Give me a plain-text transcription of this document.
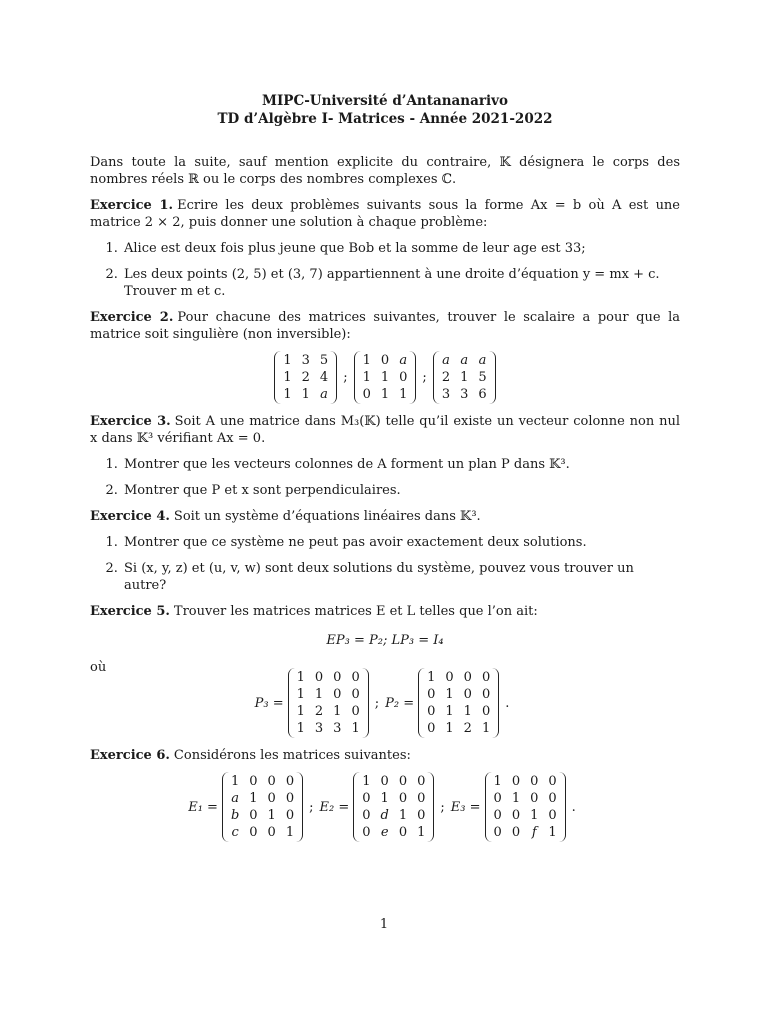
MIPC-Université d’Antananarivo
TD d’Algèbre I- Matrices - Année 2021-2022

Dans toute la suite, sauf mention explicite du contraire, 𝕂 désignera le corps des nombres réels ℝ ou le corps des nombres complexes ℂ.

Exercice 1. Ecrire les deux problèmes suivants sous la forme Ax = b où A est une matrice 2 × 2, puis donner une solution à chaque problème:

1. Alice est deux fois plus jeune que Bob et la somme de leur age est 33;
2. Les deux points (2, 5) et (3, 7) appartiennent à une droite d’équation y = mx + c. Trouver m et c.

Exercice 2. Pour chacune des matrices suivantes, trouver le scalaire a pour que la matrice soit singulière (non inversible):

1 3 5
1 2 4
1 1 a
;
1 0 a
1 1 0
0 1 1
;
a a a
2 1 5
3 3 6

Exercice 3. Soit A une matrice dans M₃(𝕂) telle qu’il existe un vecteur colonne non nul x dans 𝕂³ vérifiant Ax = 0.

1. Montrer que les vecteurs colonnes de A forment un plan P dans 𝕂³.
2. Montrer que P et x sont perpendiculaires.

Exercice 4. Soit un système d’équations linéaires dans 𝕂³.

1. Montrer que ce système ne peut pas avoir exactement deux solutions.
2. Si (x, y, z) et (u, v, w) sont deux solutions du système, pouvez vous trouver un autre?

Exercice 5. Trouver les matrices matrices E et L telles que l’on ait:

EP₃ = P₂; LP₃ = I₄

où

P₃ =
1 0 0 0
1 1 0 0
1 2 1 0
1 3 3 1
; P₂ =
1 0 0 0
0 1 0 0
0 1 1 0
0 1 2 1
.

Exercice 6. Considérons les matrices suivantes:

E₁ =
1 0 0 0
a 1 0 0
b 0 1 0
c 0 0 1
; E₂ =
1 0 0 0
0 1 0 0
0 d 1 0
0 e 0 1
; E₃ =
1 0 0 0
0 1 0 0
0 0 1 0
0 0 f 1
.
1
